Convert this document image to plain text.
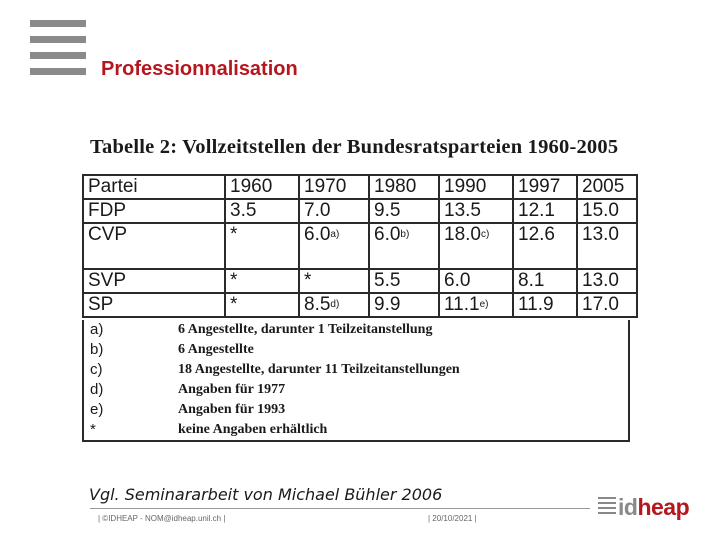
Professionnalisation
Tabelle 2: Vollzeitstellen der Bundesratsparteien 1960-2005
Partei	1960	1970	1980	1990	1997	2005
FDP	3.5	7.0	9.5	13.5	12.1	15.0
CVP	*	6.0$^{a)}$	6.0$^{b)}$	18.0$^{c)}$	12.6	13.0
SVP	*	*	5.5	6.0	8.1	13.0
SP	*	8.5$^{d)}$	9.9	11.1$^{e)}$	11.9	17.0
a)	6 Angestellte, darunter 1 Teilzeitanstellung
b)	6 Angestellte
c)	18 Angestellte, darunter 11 Teilzeitanstellungen
d)	Angaben für 1977
e)	Angaben für 1993
*	keine Angaben erhältlich
Vgl. Seminararbeit von Michael Bühler 2006
| ©IDHEAP - NOM@idheap.unil.ch |	| 20/10/2021 |	idheap
